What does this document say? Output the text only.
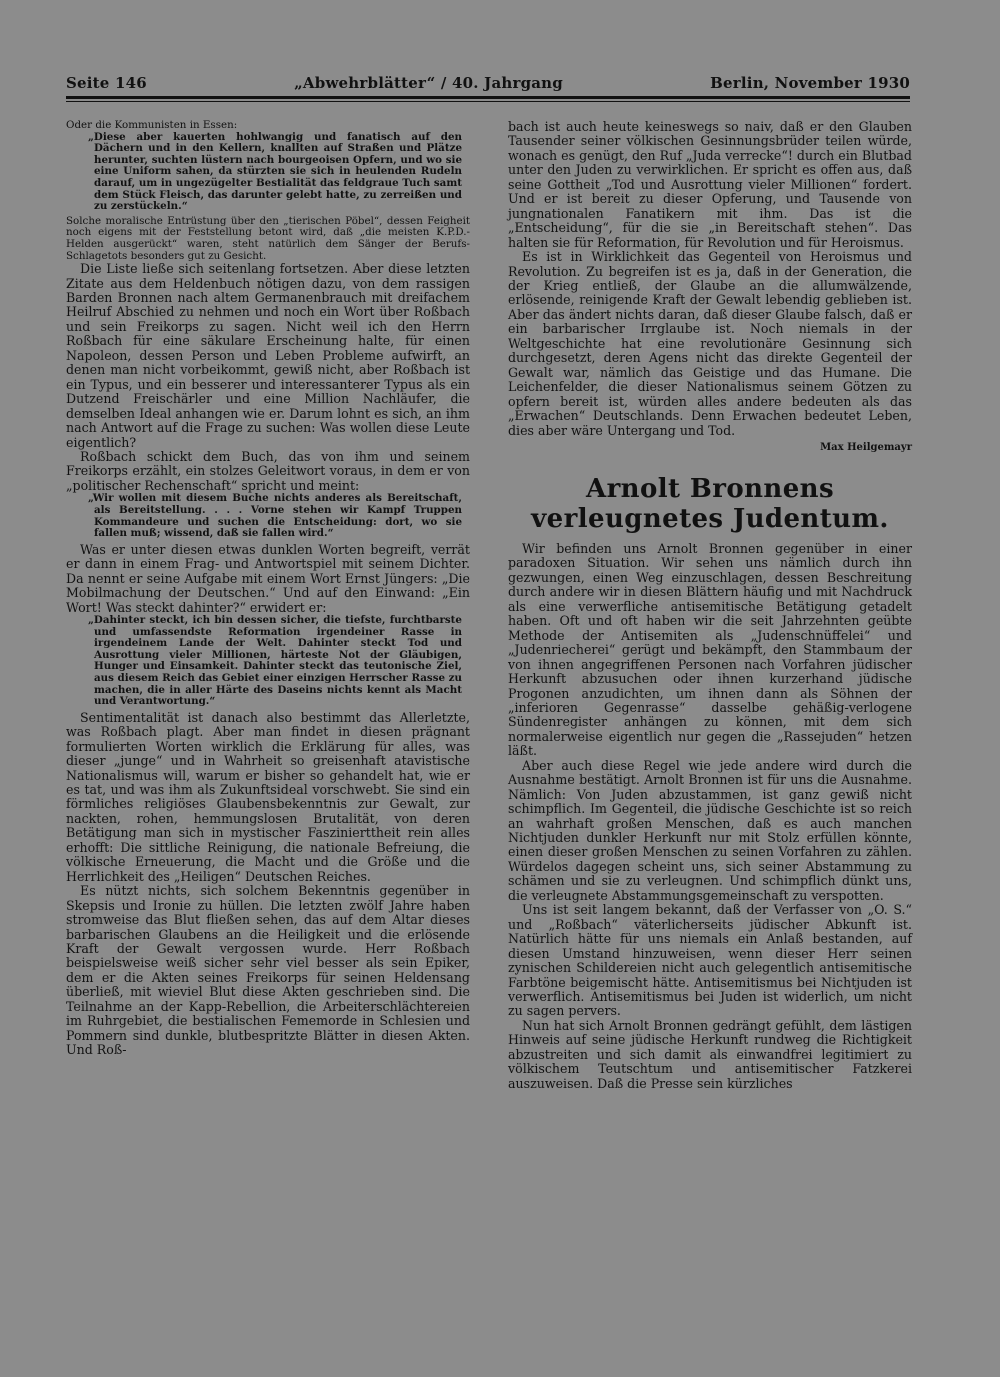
Seite 146	„Abwehrblätter“ / 40. Jahrgang	Berlin, November 1930

Oder die Kommunisten in Essen:

„Diese aber kauerten hohlwangig und fanatisch auf den Dächern und in den Kellern, knallten auf Straßen und Plätze herunter, suchten lüstern nach bourgeoisen Opfern, und wo sie eine Uniform sahen, da stürzten sie sich in heulenden Rudeln darauf, um in ungezügelter Bestialität das feldgraue Tuch samt dem Stück Fleisch, das darunter gelebt hatte, zu zerreißen und zu zerstückeln.“

Solche moralische Entrüstung über den „tierischen Pöbel“, dessen Feigheit noch eigens mit der Feststellung betont wird, daß „die meisten K.P.D.-Helden ausgerückt“ waren, steht natürlich dem Sänger der Berufs-Schlagetots besonders gut zu Gesicht.

Die Liste ließe sich seitenlang fortsetzen. Aber diese letzten Zitate aus dem Heldenbuch nötigen dazu, von dem rassigen Barden Bronnen nach altem Germanenbrauch mit dreifachem Heilruf Abschied zu nehmen und noch ein Wort über Roßbach und sein Freikorps zu sagen. Nicht weil ich den Herrn Roßbach für eine säkulare Erscheinung halte, für einen Napoleon, dessen Person und Leben Probleme aufwirft, an denen man nicht vorbeikommt, gewiß nicht, aber Roßbach ist ein Typus, und ein besserer und interessanterer Typus als ein Dutzend Freischärler und eine Million Nachläufer, die demselben Ideal anhangen wie er. Darum lohnt es sich, an ihm nach Antwort auf die Frage zu suchen: Was wollen diese Leute eigentlich?

Roßbach schickt dem Buch, das von ihm und seinem Freikorps erzählt, ein stolzes Geleitwort voraus, in dem er von „politischer Rechenschaft“ spricht und meint:

„Wir wollen mit diesem Buche nichts anderes als Bereitschaft, als Bereitstellung. . . . Vorne stehen wir Kampf Truppen Kommandeure und suchen die Entscheidung: dort, wo sie fallen muß; wissend, daß sie fallen wird.“

Was er unter diesen etwas dunklen Worten begreift, verrät er dann in einem Frag- und Antwortspiel mit seinem Dichter. Da nennt er seine Aufgabe mit einem Wort Ernst Jüngers: „Die Mobilmachung der Deutschen.“ Und auf den Einwand: „Ein Wort! Was steckt dahinter?“ erwidert er:

„Dahinter steckt, ich bin dessen sicher, die tiefste, furchtbarste und umfassendste Reformation irgendeiner Rasse in irgendeinem Lande der Welt. Dahinter steckt Tod und Ausrottung vieler Millionen, härteste Not der Gläubigen, Hunger und Einsamkeit. Dahinter steckt das teutonische Ziel, aus diesem Reich das Gebiet einer einzigen Herrscher Rasse zu machen, die in aller Härte des Daseins nichts kennt als Macht und Verantwortung.“

Sentimentalität ist danach also bestimmt das Allerletzte, was Roßbach plagt. Aber man findet in diesen prägnant formulierten Worten wirklich die Erklärung für alles, was dieser „junge“ und in Wahrheit so greisenhaft atavistische Nationalismus will, warum er bisher so gehandelt hat, wie er es tat, und was ihm als Zukunftsideal vorschwebt. Sie sind ein förmliches religiöses Glaubensbekenntnis zur Gewalt, zur nackten, rohen, hemmungslosen Brutalität, von deren Betätigung man sich in mystischer Faszinierttheit rein alles erhofft: Die sittliche Reinigung, die nationale Befreiung, die völkische Erneuerung, die Macht und die Größe und die Herrlichkeit des „Heiligen“ Deutschen Reiches.

Es nützt nichts, sich solchem Bekenntnis gegenüber in Skepsis und Ironie zu hüllen. Die letzten zwölf Jahre haben stromweise das Blut fließen sehen, das auf dem Altar dieses barbarischen Glaubens an die Heiligkeit und die erlösende Kraft der Gewalt vergossen wurde. Herr Roßbach beispielsweise weiß sicher sehr viel besser als sein Epiker, dem er die Akten seines Freikorps für seinen Heldensang überließ, mit wieviel Blut diese Akten geschrieben sind. Die Teilnahme an der Kapp-Rebellion, die Arbeiterschlächtereien im Ruhrgebiet, die bestialischen Fememorde in Schlesien und Pommern sind dunkle, blutbespritzte Blätter in diesen Akten. Und Roß-

bach ist auch heute keineswegs so naiv, daß er den Glauben Tausender seiner völkischen Gesinnungsbrüder teilen würde, wonach es genügt, den Ruf „Juda verrecke“! durch ein Blutbad unter den Juden zu verwirklichen. Er spricht es offen aus, daß seine Gottheit „Tod und Ausrottung vieler Millionen“ fordert. Und er ist bereit zu dieser Opferung, und Tausende von jungnationalen Fanatikern mit ihm. Das ist die „Entscheidung“, für die sie „in Bereitschaft stehen“. Das halten sie für Reformation, für Revolution und für Heroismus.

Es ist in Wirklichkeit das Gegenteil von Heroismus und Revolution. Zu begreifen ist es ja, daß in der Generation, die der Krieg entließ, der Glaube an die allumwälzende, erlösende, reinigende Kraft der Gewalt lebendig geblieben ist. Aber das ändert nichts daran, daß dieser Glaube falsch, daß er ein barbarischer Irrglaube ist. Noch niemals in der Weltgeschichte hat eine revolutionäre Gesinnung sich durchgesetzt, deren Agens nicht das direkte Gegenteil der Gewalt war, nämlich das Geistige und das Humane. Die Leichenfelder, die dieser Nationalismus seinem Götzen zu opfern bereit ist, würden alles andere bedeuten als das „Erwachen“ Deutschlands. Denn Erwachen bedeutet Leben, dies aber wäre Untergang und Tod.

Max Heilgemayr

Arnolt Bronnens verleugnetes Judentum.

Wir befinden uns Arnolt Bronnen gegenüber in einer paradoxen Situation. Wir sehen uns nämlich durch ihn gezwungen, einen Weg einzuschlagen, dessen Beschreitung durch andere wir in diesen Blättern häufig und mit Nachdruck als eine verwerfliche antisemitische Betätigung getadelt haben. Oft und oft haben wir die seit Jahrzehnten geübte Methode der Antisemiten als „Judenschnüffelei“ und „Judenriecherei“ gerügt und bekämpft, den Stammbaum der von ihnen angegriffenen Personen nach Vorfahren jüdischer Herkunft abzusuchen oder ihnen kurzerhand jüdische Progonen anzudichten, um ihnen dann als Söhnen der „inferioren Gegenrasse“ dasselbe gehäßig-verlogene Sündenregister anhängen zu können, mit dem sich normalerweise eigentlich nur gegen die „Rassejuden“ hetzen läßt.

Aber auch diese Regel wie jede andere wird durch die Ausnahme bestätigt. Arnolt Bronnen ist für uns die Ausnahme. Nämlich: Von Juden abzustammen, ist ganz gewiß nicht schimpflich. Im Gegenteil, die jüdische Geschichte ist so reich an wahrhaft großen Menschen, daß es auch manchen Nichtjuden dunkler Herkunft nur mit Stolz erfüllen könnte, einen dieser großen Menschen zu seinen Vorfahren zu zählen. Würdelos dagegen scheint uns, sich seiner Abstammung zu schämen und sie zu verleugnen. Und schimpflich dünkt uns, die verleugnete Abstammungsgemeinschaft zu verspotten.

Uns ist seit langem bekannt, daß der Verfasser von „O. S.“ und „Roßbach“ väterlicherseits jüdischer Abkunft ist. Natürlich hätte für uns niemals ein Anlaß bestanden, auf diesen Umstand hinzuweisen, wenn dieser Herr seinen zynischen Schildereien nicht auch gelegentlich antisemitische Farbtöne beigemischt hätte. Antisemitismus bei Nichtjuden ist verwerflich. Antisemitismus bei Juden ist widerlich, um nicht zu sagen pervers.

Nun hat sich Arnolt Bronnen gedrängt gefühlt, dem lästigen Hinweis auf seine jüdische Herkunft rundweg die Richtigkeit abzustreiten und sich damit als einwandfrei legitimiert zu völkischem Teutschtum und antisemitischer Fatzkerei auszuweisen. Daß die Presse sein kürzliches
